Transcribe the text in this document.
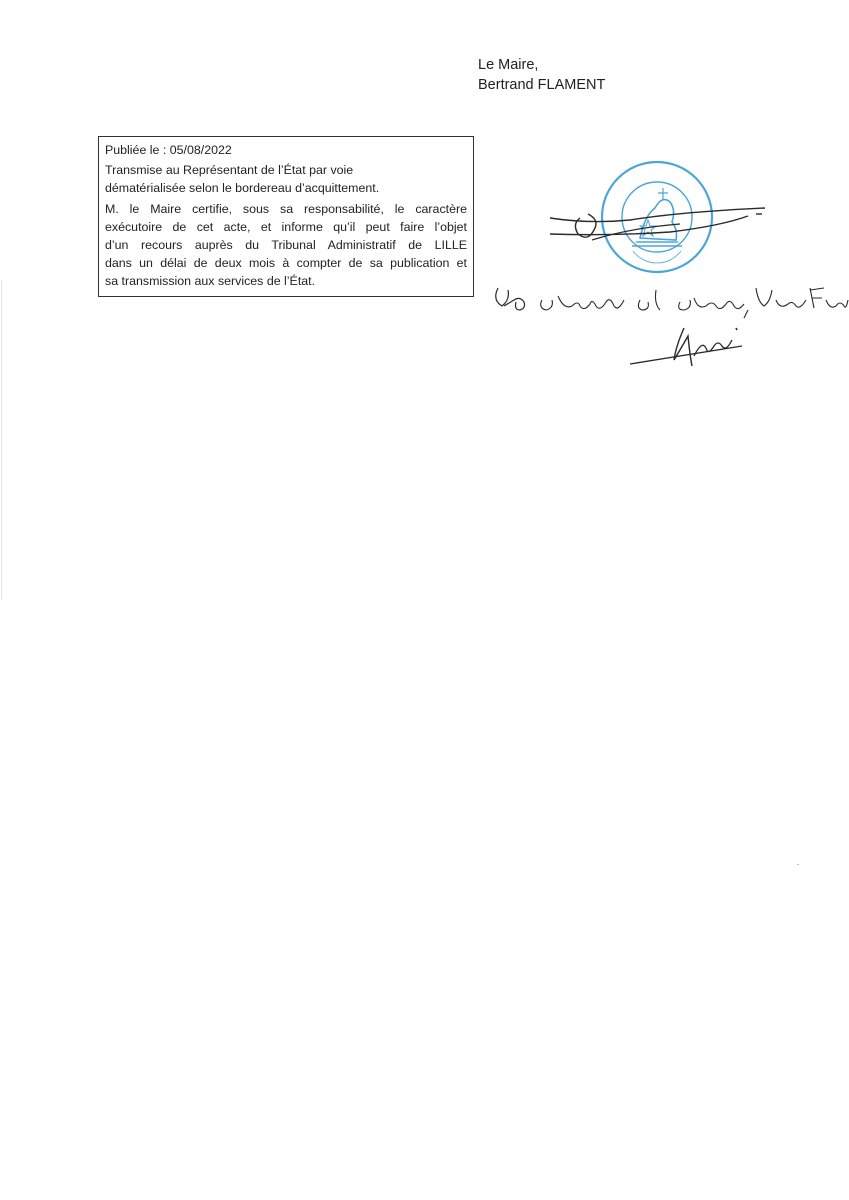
Le Maire,
Bertrand FLAMENT
Publiée le : 05/08/2022
Transmise au Représentant de l’État par voie
dématérialisée selon le bordereau d’acquittement.
M. le Maire certifie, sous sa responsabilité, le caractère
exécutoire de cet acte, et informe qu’il peut faire l’objet
d’un recours auprès du Tribunal Administratif de LILLE
dans un délai de deux mois à compter de sa publication et
sa transmission aux services de l’État.
